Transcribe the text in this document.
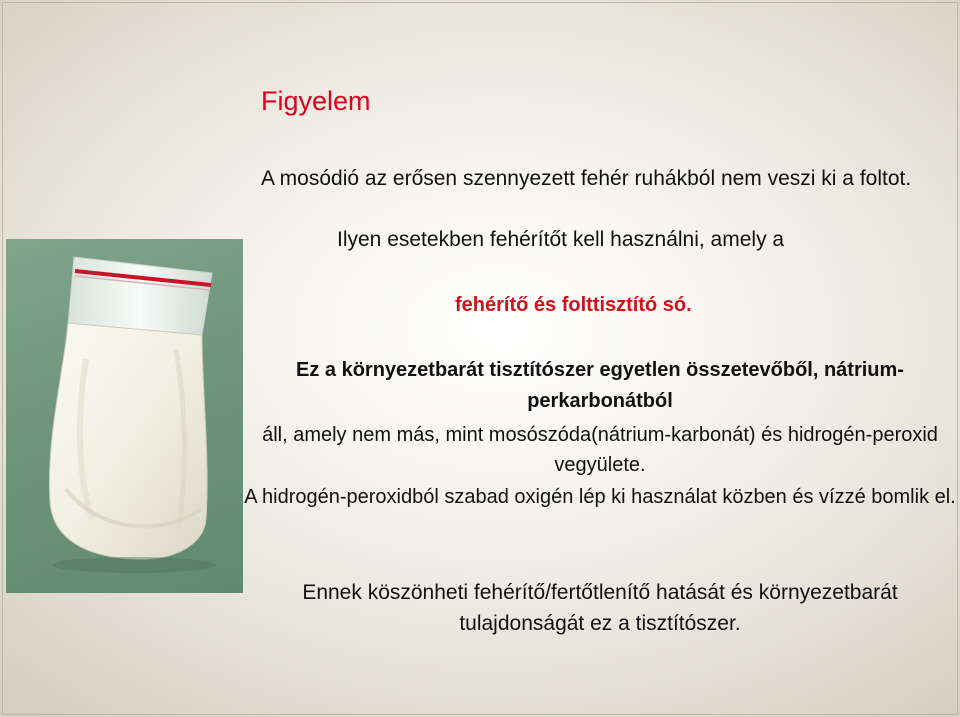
Figyelem

A mosódió az erősen szennyezett fehér ruhákból nem veszi ki a foltot.

Ilyen esetekben fehérítőt kell használni, amely a

fehérítő és folttisztító só.

Ez a környezetbarát tisztítószer egyetlen összetevőből, nátrium-perkarbonátból

áll, amely nem más, mint mosószóda(nátrium-karbonát) és hidrogén-peroxid vegyülete.

A hidrogén-peroxidból szabad oxigén lép ki használat közben és vízzé bomlik el.

Ennek köszönheti fehérítő/fertőtlenítő hatását és környezetbarát tulajdonságát ez a tisztítószer.
